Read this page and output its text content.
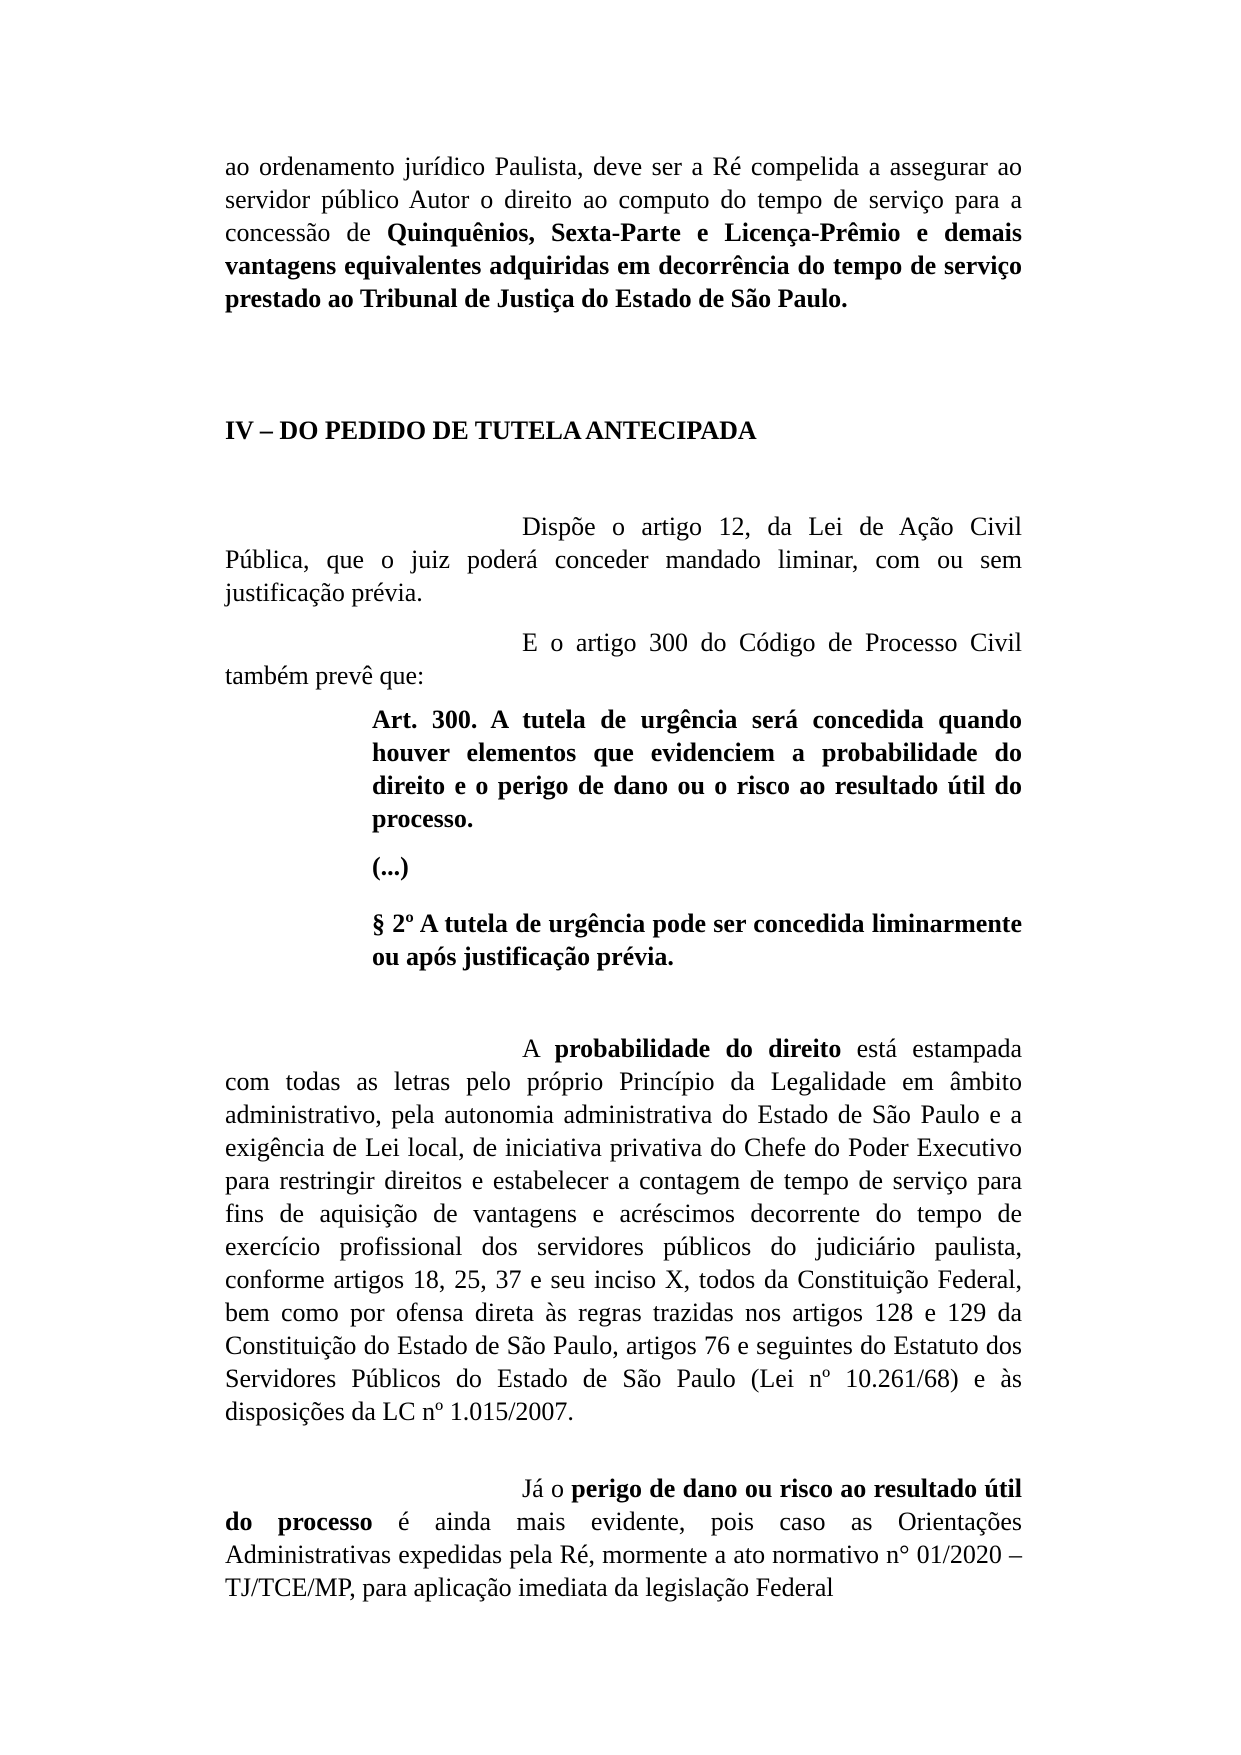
ao ordenamento jurídico Paulista, deve ser a Ré compelida a assegurar ao servidor público Autor o direito ao computo do tempo de serviço para a concessão de Quinquênios, Sexta-Parte e Licença-Prêmio e demais vantagens equivalentes adquiridas em decorrência do tempo de serviço prestado ao Tribunal de Justiça do Estado de São Paulo.

IV – DO PEDIDO DE TUTELA ANTECIPADA

Dispõe o artigo 12, da Lei de Ação Civil Pública, que o juiz poderá conceder mandado liminar, com ou sem justificação prévia.

E o artigo 300 do Código de Processo Civil também prevê que:

Art. 300. A tutela de urgência será concedida quando houver elementos que evidenciem a probabilidade do direito e o perigo de dano ou o risco ao resultado útil do processo.

(...)

§ 2º A tutela de urgência pode ser concedida liminarmente ou após justificação prévia.

A probabilidade do direito está estampada com todas as letras pelo próprio Princípio da Legalidade em âmbito administrativo, pela autonomia administrativa do Estado de São Paulo e a exigência de Lei local, de iniciativa privativa do Chefe do Poder Executivo para restringir direitos e estabelecer a contagem de tempo de serviço para fins de aquisição de vantagens e acréscimos decorrente do tempo de exercício profissional dos servidores públicos do judiciário paulista, conforme artigos 18, 25, 37 e seu inciso X, todos da Constituição Federal, bem como por ofensa direta às regras trazidas nos artigos 128 e 129 da Constituição do Estado de São Paulo, artigos 76 e seguintes do Estatuto dos Servidores Públicos do Estado de São Paulo (Lei nº 10.261/68) e às disposições da LC nº 1.015/2007.

Já o perigo de dano ou risco ao resultado útil do processo é ainda mais evidente, pois caso as Orientações Administrativas expedidas pela Ré, mormente a ato normativo n° 01/2020 – TJ/TCE/MP, para aplicação imediata da legislação Federal
